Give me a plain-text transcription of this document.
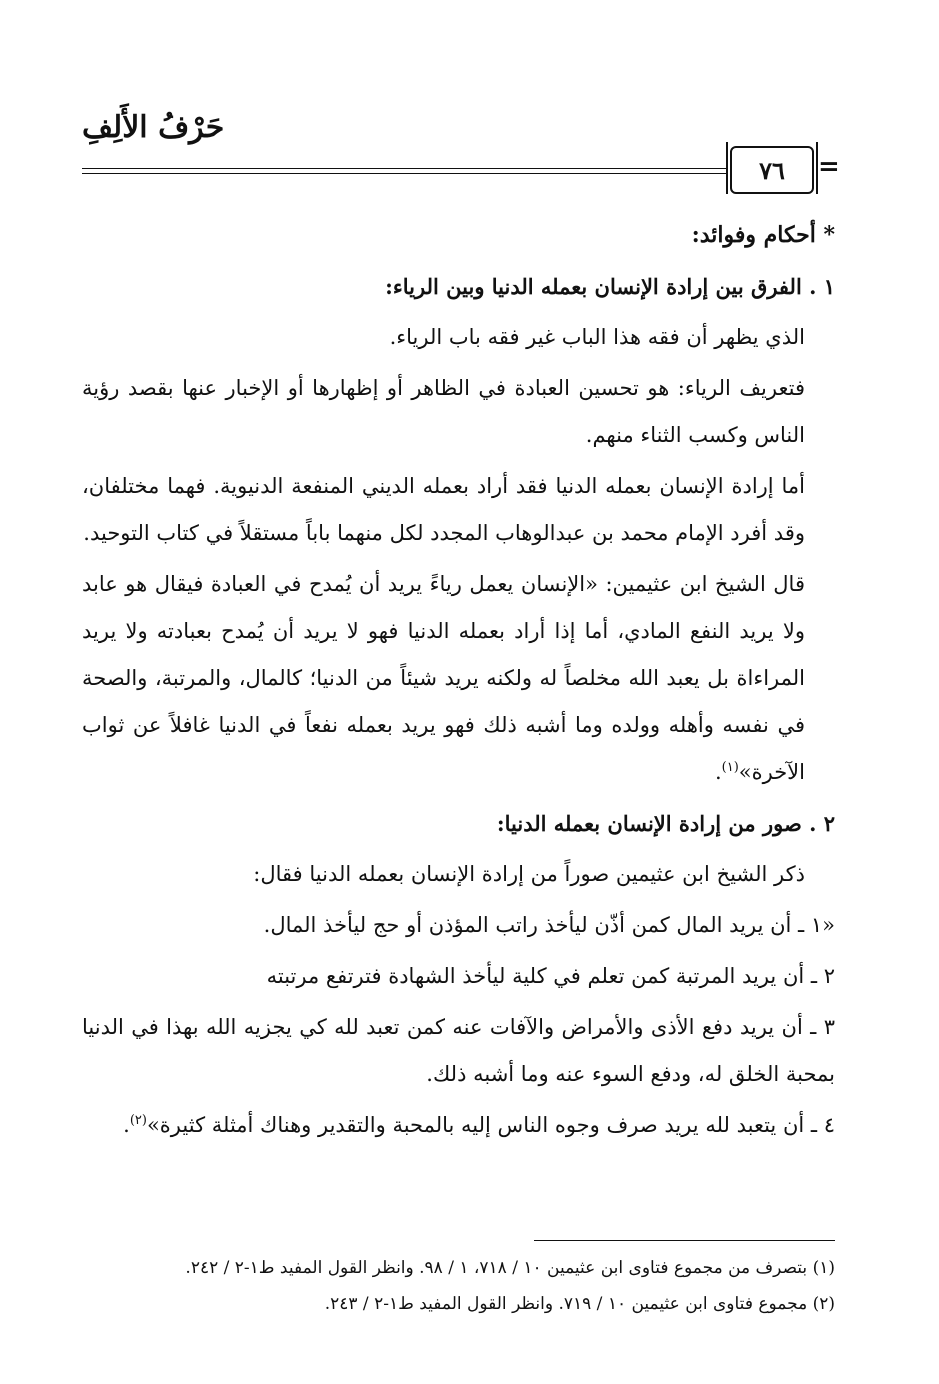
حَرْفُ الأَلِفِ
٧٦	=

* أحكام وفوائد:

١ . الفرق بين إرادة الإنسان بعمله الدنيا وبين الرياء:

الذي يظهر أن فقه هذا الباب غير فقه باب الرياء.

فتعريف الرياء: هو تحسين العبادة في الظاهر أو إظهارها أو الإخبار عنها بقصد رؤية الناس وكسب الثناء منهم.

أما إرادة الإنسان بعمله الدنيا فقد أراد بعمله الديني المنفعة الدنيوية. فهما مختلفان، وقد أفرد الإمام محمد بن عبدالوهاب المجدد لكل منهما باباً مستقلاً في كتاب التوحيد.

قال الشيخ ابن عثيمين: «الإنسان يعمل رياءً يريد أن يُمدح في العبادة فيقال هو عابد ولا يريد النفع المادي، أما إذا أراد بعمله الدنيا فهو لا يريد أن يُمدح بعبادته ولا يريد المراءاة بل يعبد الله مخلصاً له ولكنه يريد شيئاً من الدنيا؛ كالمال، والمرتبة، والصحة في نفسه وأهله وولده وما أشبه ذلك فهو يريد بعمله نفعاً في الدنيا غافلاً عن ثواب الآخرة»$^{(١)}$.

٢ . صور من إرادة الإنسان بعمله الدنيا:

ذكر الشيخ ابن عثيمين صوراً من إرادة الإنسان بعمله الدنيا فقال:

«١ ـ أن يريد المال كمن أذّن ليأخذ راتب المؤذن أو حج ليأخذ المال.

٢ ـ أن يريد المرتبة كمن تعلم في كلية ليأخذ الشهادة فترتفع مرتبته

٣ ـ أن يريد دفع الأذى والأمراض والآفات عنه كمن تعبد لله كي يجزيه الله بهذا في الدنيا بمحبة الخلق له، ودفع السوء عنه وما أشبه ذلك.

٤ ـ أن يتعبد لله يريد صرف وجوه الناس إليه بالمحبة والتقدير وهناك أمثلة كثيرة»$^{(٢)}$.

(١) بتصرف من مجموع فتاوى ابن عثيمين ١٠ / ٧١٨، ١ / ٩٨. وانظر القول المفيد ط١-٢ / ٢٤٢.

(٢) مجموع فتاوى ابن عثيمين ١٠ / ٧١٩. وانظر القول المفيد ط١-٢ / ٢٤٣.
